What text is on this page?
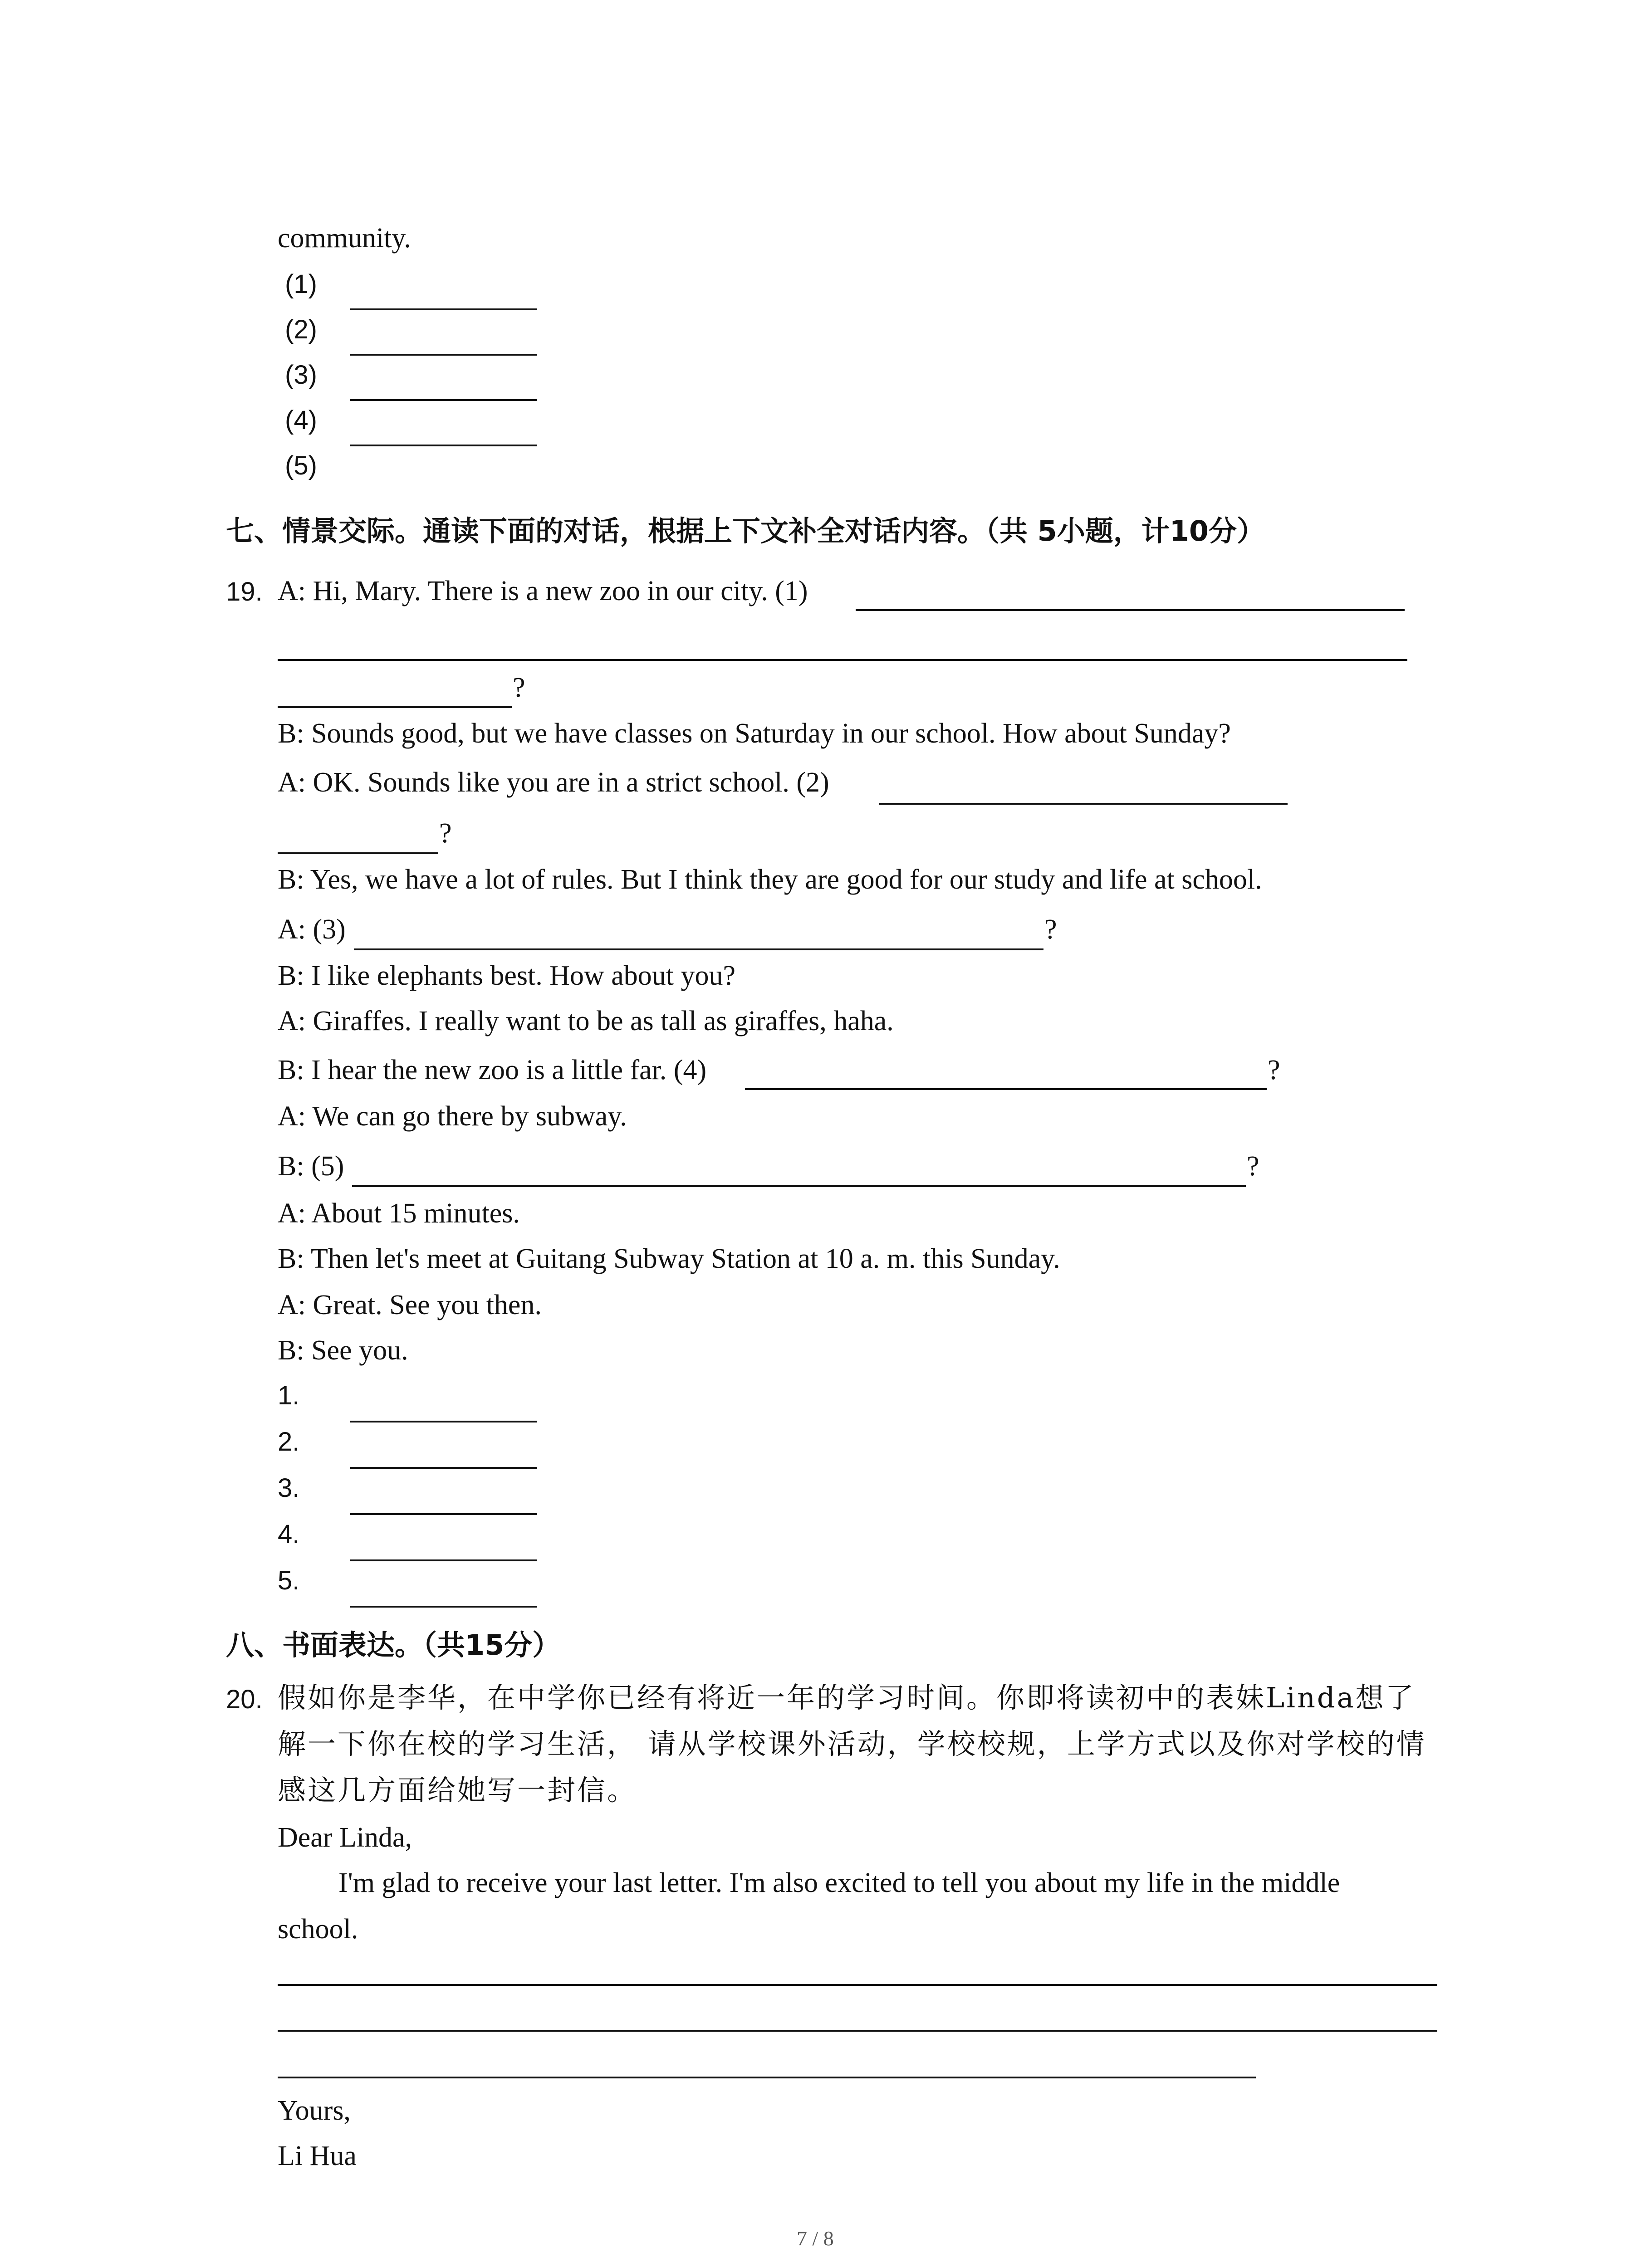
community.
(1)
(2)
(3)
(4)
(5)
七、情景交际。通读下面的对话，根据上下文补全对话内容。（共 5小题，计10分）
19. A: Hi, Mary. There is a new zoo in our city. (1)
?
B: Sounds good, but we have classes on Saturday in our school. How about Sunday?
A: OK. Sounds like you are in a strict school. (2)
?
B: Yes, we have a lot of rules. But I think they are good for our study and life at school.
A: (3)	?
B: I like elephants best. How about you?
A: Giraffes. I really want to be as tall as giraffes, haha.
B: I hear the new zoo is a little far. (4)	?
A: We can go there by subway.
B: (5)	?
A: About 15 minutes.
B: Then let's meet at Guitang Subway Station at 10 a. m. this Sunday.
A: Great. See you then.
B: See you.
1.
2.
3.
4.
5.
八、书面表达。（共15分）
20. 假如你是李华，在中学你已经有将近一年的学习时间。你即将读初中的表妹Linda想了
解一下你在校的学习生活， 请从学校课外活动，学校校规，上学方式以及你对学校的情
感这几方面给她写一封信。
Dear Linda,
I'm glad to receive your last letter. I'm also excited to tell you about my life in the middle
school.
Yours,
Li Hua
7 / 8
